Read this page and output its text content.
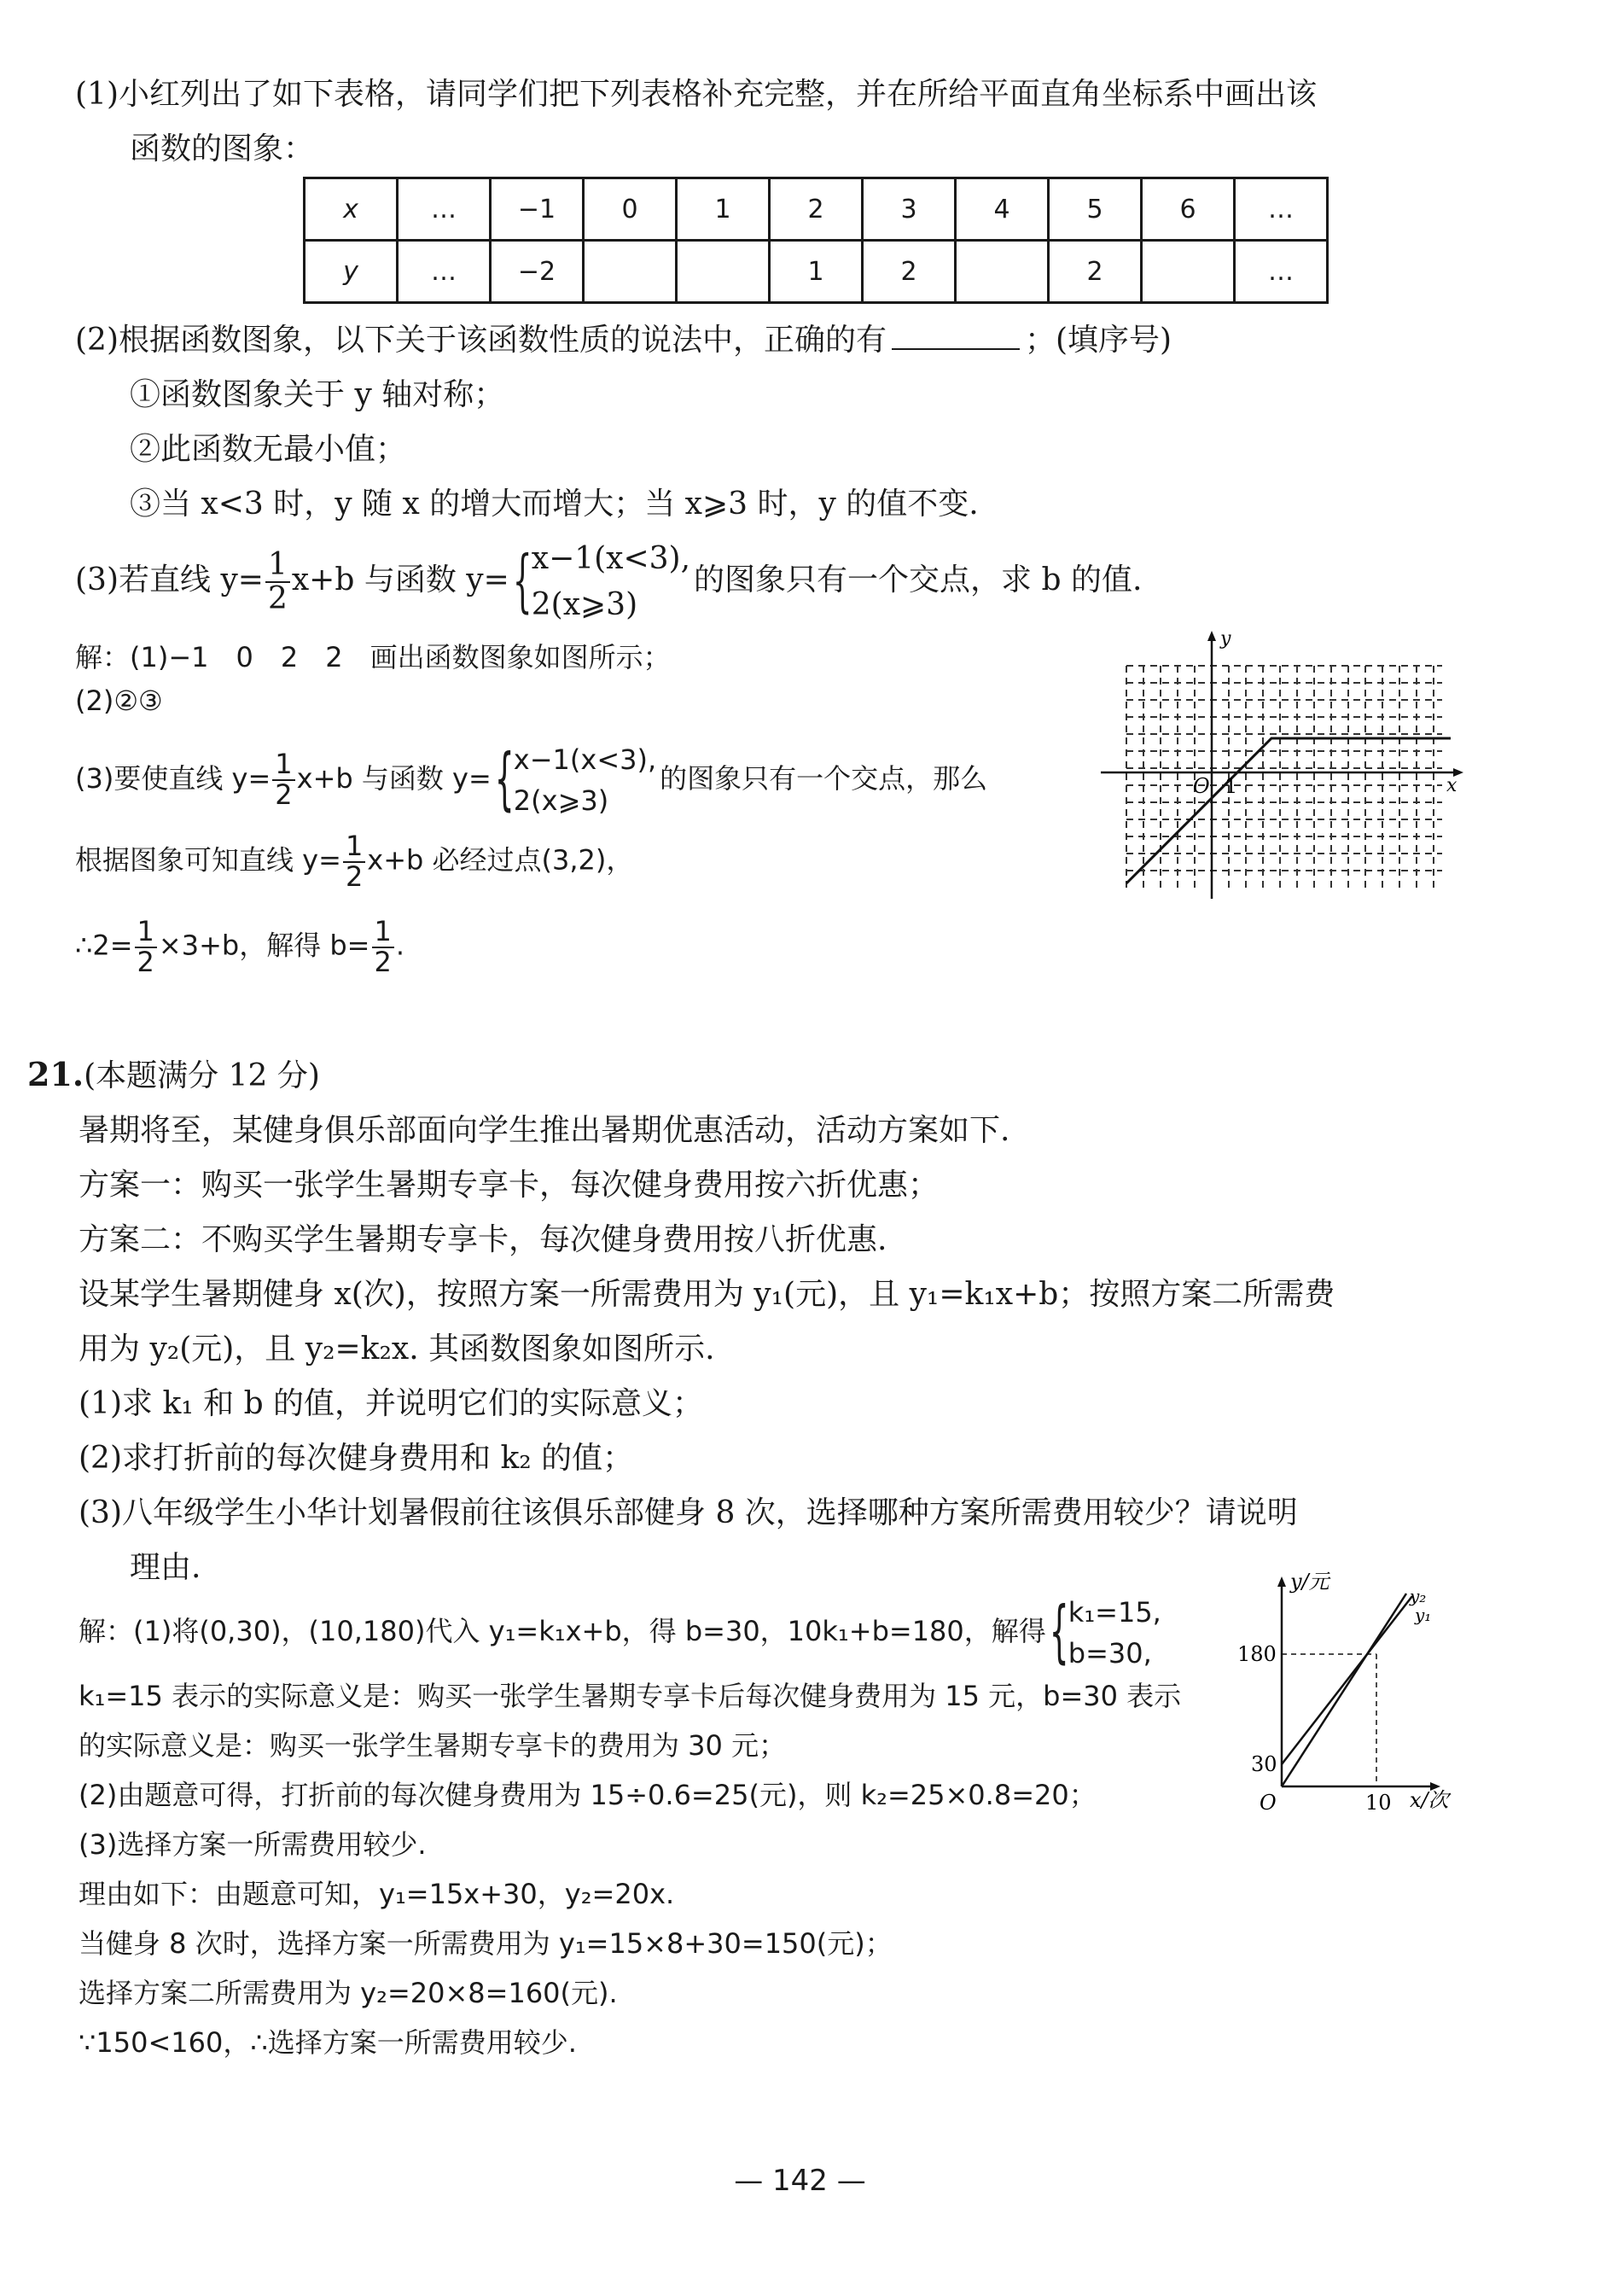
(1)小红列出了如下表格，请同学们把下列表格补充完整，并在所给平面直角坐标系中画出该
函数的图象：
x	…	−1	0	1	2	3	4	5	6	…
y	…	−2			1	2		2		…
(2)根据函数图象，以下关于该函数性质的说法中，正确的有	；(填序号)
①函数图象关于 y 轴对称；
②此函数无最小值；
③当 x<3 时，y 随 x 的增大而增大；当 x⩾3 时，y 的值不变.
(3)若直线 $y= \frac{1}{2} x+b$ 与函数 y=
{ x−1(x<3),
2(x⩾3)
的图象只有一个交点，求 b 的值.
解：(1)−1　0　2　2　画出函数图象如图所示；
(2)②③
(3)要使直线 $y= \frac{1}{2} x+b$ 与函数 y=
{ x−1(x<3),
2(x⩾3)
的图象只有一个交点，那么
根据图象可知直线 $y= \frac{1}{2} x+b$ 必经过点(3,2)，
∴2= $\frac{1}{2} \times 3+b$，解得 $b= \frac{1}{2}$ .
y
x
O 1
21.(本题满分 12 分)
暑期将至，某健身俱乐部面向学生推出暑期优惠活动，活动方案如下.
方案一：购买一张学生暑期专享卡，每次健身费用按六折优惠；
方案二：不购买学生暑期专享卡，每次健身费用按八折优惠.
设某学生暑期健身 x(次)，按照方案一所需费用为 y₁(元)，且 y₁=k₁x+b；按照方案二所需费
用为 y₂(元)，且 y₂=k₂x. 其函数图象如图所示.
(1)求 k₁ 和 b 的值，并说明它们的实际意义；
(2)求打折前的每次健身费用和 k₂ 的值；
(3)八年级学生小华计划暑假前往该俱乐部健身 8 次，选择哪种方案所需费用较少？请说明
理由.
解：(1)将(0,30)，(10,180)代入 y₁=k₁x+b，得 b=30，10k₁+b=180，解得
{ k₁=15,
b=30,
k₁=15 表示的实际意义是：购买一张学生暑期专享卡后每次健身费用为 15 元，b=30 表示
的实际意义是：购买一张学生暑期专享卡的费用为 30 元；
(2)由题意可得，打折前的每次健身费用为 15÷0.6=25(元)，则 k₂=25×0.8=20；
(3)选择方案一所需费用较少.
理由如下：由题意可知，y₁=15x+30，y₂=20x.
当健身 8 次时，选择方案一所需费用为 y₁=15×8+30=150(元)；
选择方案二所需费用为 y₂=20×8=160(元).
∵150<160，∴选择方案一所需费用较少.
y/元
x/次
O
180
30
10
y₂
y₁
— 142 —
